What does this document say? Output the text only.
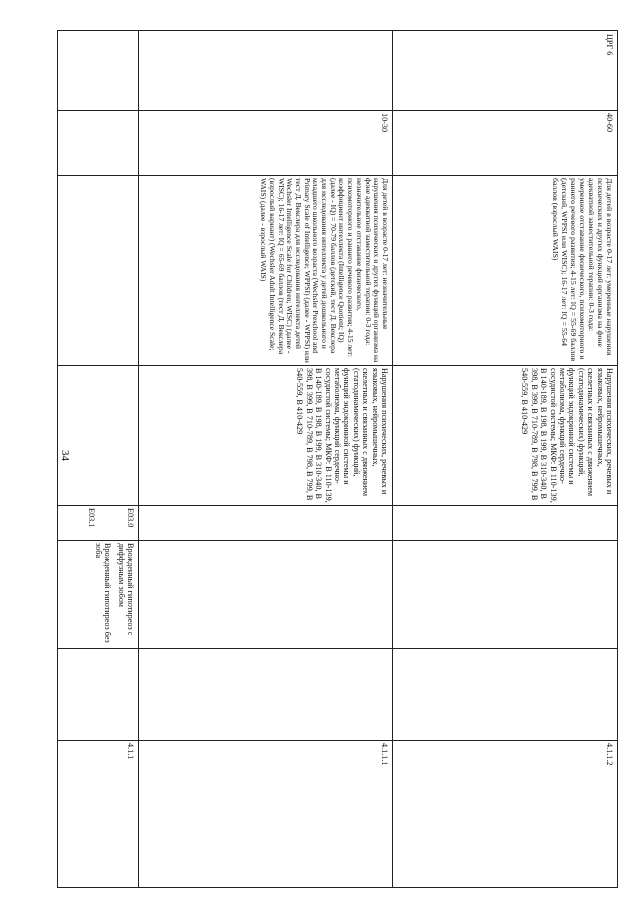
34
4.1.1
Врожденный гипотиреоз с диффузным зобом
Врожденный гипотиреоз без зоба
E03.0
E03.1
4.1.1.1
Нарушения психических, речевых и языковых, нейромышечных, скелетных и связанных с движением (статодинамических) функций, функций эндокринной системы и метаболизма, функций сердечно-сосудистой системы; МКФ: В 110-139, В 140-189, В 198, В 199, В 310-340, В 398, В 399, В 710-789, В 798, В 799, В 540-559, В 410-429
Для детей в возрасте 0-17 лет: незначительные нарушения психических и других функций организма на фоне адекватной заместительной терапии: 0-3 года: незначительное отставание физического, психомоторного и раннего речевого развития; 4-15 лет: коэффициент интеллекта (Intelligence Quotient; IQ) (далее - IQ) = 70-79 баллов (детский, тест Д. Векслера для исследования интеллекта у детей дошкольного и младшего школьного возраста (Wechsler Preschool and Primary Scale of Intelligence; WPPSI) (далее - WPPSI) или тест Д. Векслера для исследования интеллекта детей Wechsler Intelligence Scale for Children; WISC) (далее - WISC); 16-17 лет: IQ = 65-69 баллов (тест Д. Векслера (взрослый вариант) (Wechsler Adult Intelligence Scale; WAIS) (далее - взрослый WAIS)
10-30
4.1.1.2
Нарушения психических, речевых и языковых, нейромышечных, скелетных и связанных с движением (статодинамических) функций, функций эндокринной системы и метаболизма, функций сердечно-сосудистой системы; МКФ: В 110-139, В 140-189, В 198, В 199, В 310-340, В 398, В 399, В 710-789, В 798, В 799, В 540-559, В 410-429
Для детей в возрасте 0-17 лет: умеренные нарушения психических и других функций организма на фоне адекватной заместительной терапии: 0-3 года: умеренное отставание физического, психомоторного и раннего речевого развития; 4-15 лет: IQ = 55-69 баллов (детский, WPPSI или WISC); 16-17 лет: IQ = 55-64 баллов (взрослый WAIS)
40-60
ЦРГ 6
